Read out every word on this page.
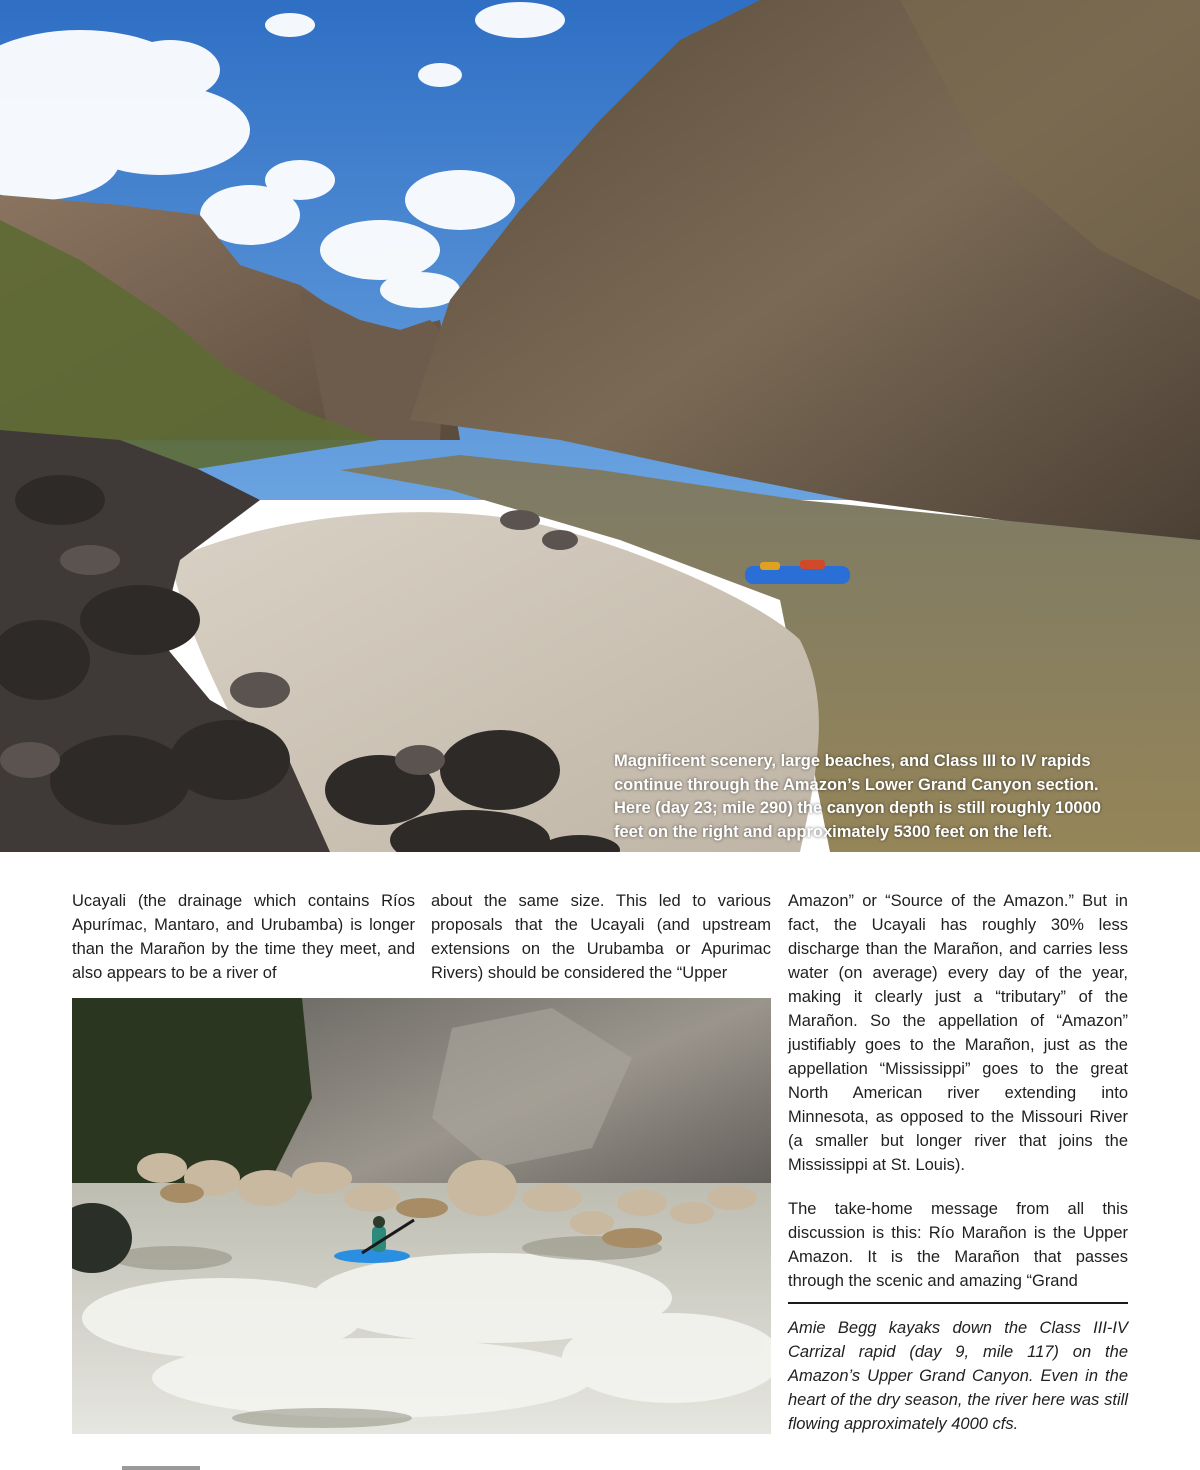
Magnificent scenery, large beaches, and Class III to IV rapids
continue through the Amazon’s Lower Grand Canyon section.
Here (day 23; mile 290) the canyon depth is still roughly 10000
feet on the right and approximately 5300 feet on the left.

Ucayali (the drainage which contains Ríos Apurímac, Mantaro, and Urubamba) is longer than the Marañon by the time they meet, and also appears to be a river of

about the same size. This led to various proposals that the Ucayali (and upstream extensions on the Urubamba or Apurimac Rivers) should be considered the “Upper

Amazon” or “Source of the Amazon.” But in fact, the Ucayali has roughly 30% less discharge than the Marañon, and carries less water (on average) every day of the year, making it clearly just a “tributary” of the Marañon. So the appellation of “Amazon” justifiably goes to the Marañon, just as the appellation “Mississippi” goes to the great North American river extending into Minnesota, as opposed to the Missouri River (a smaller but longer river that joins the Mississippi at St. Louis).

The take-home message from all this discussion is this: Río Marañon is the Upper Amazon. It is the Marañon that passes through the scenic and amazing “Grand

Amie Begg kayaks down the Class III-IV Carrizal rapid (day 9, mile 117) on the Amazon’s Upper Grand Canyon. Even in the heart of the dry season, the river here was still flowing approximately 4000 cfs.
